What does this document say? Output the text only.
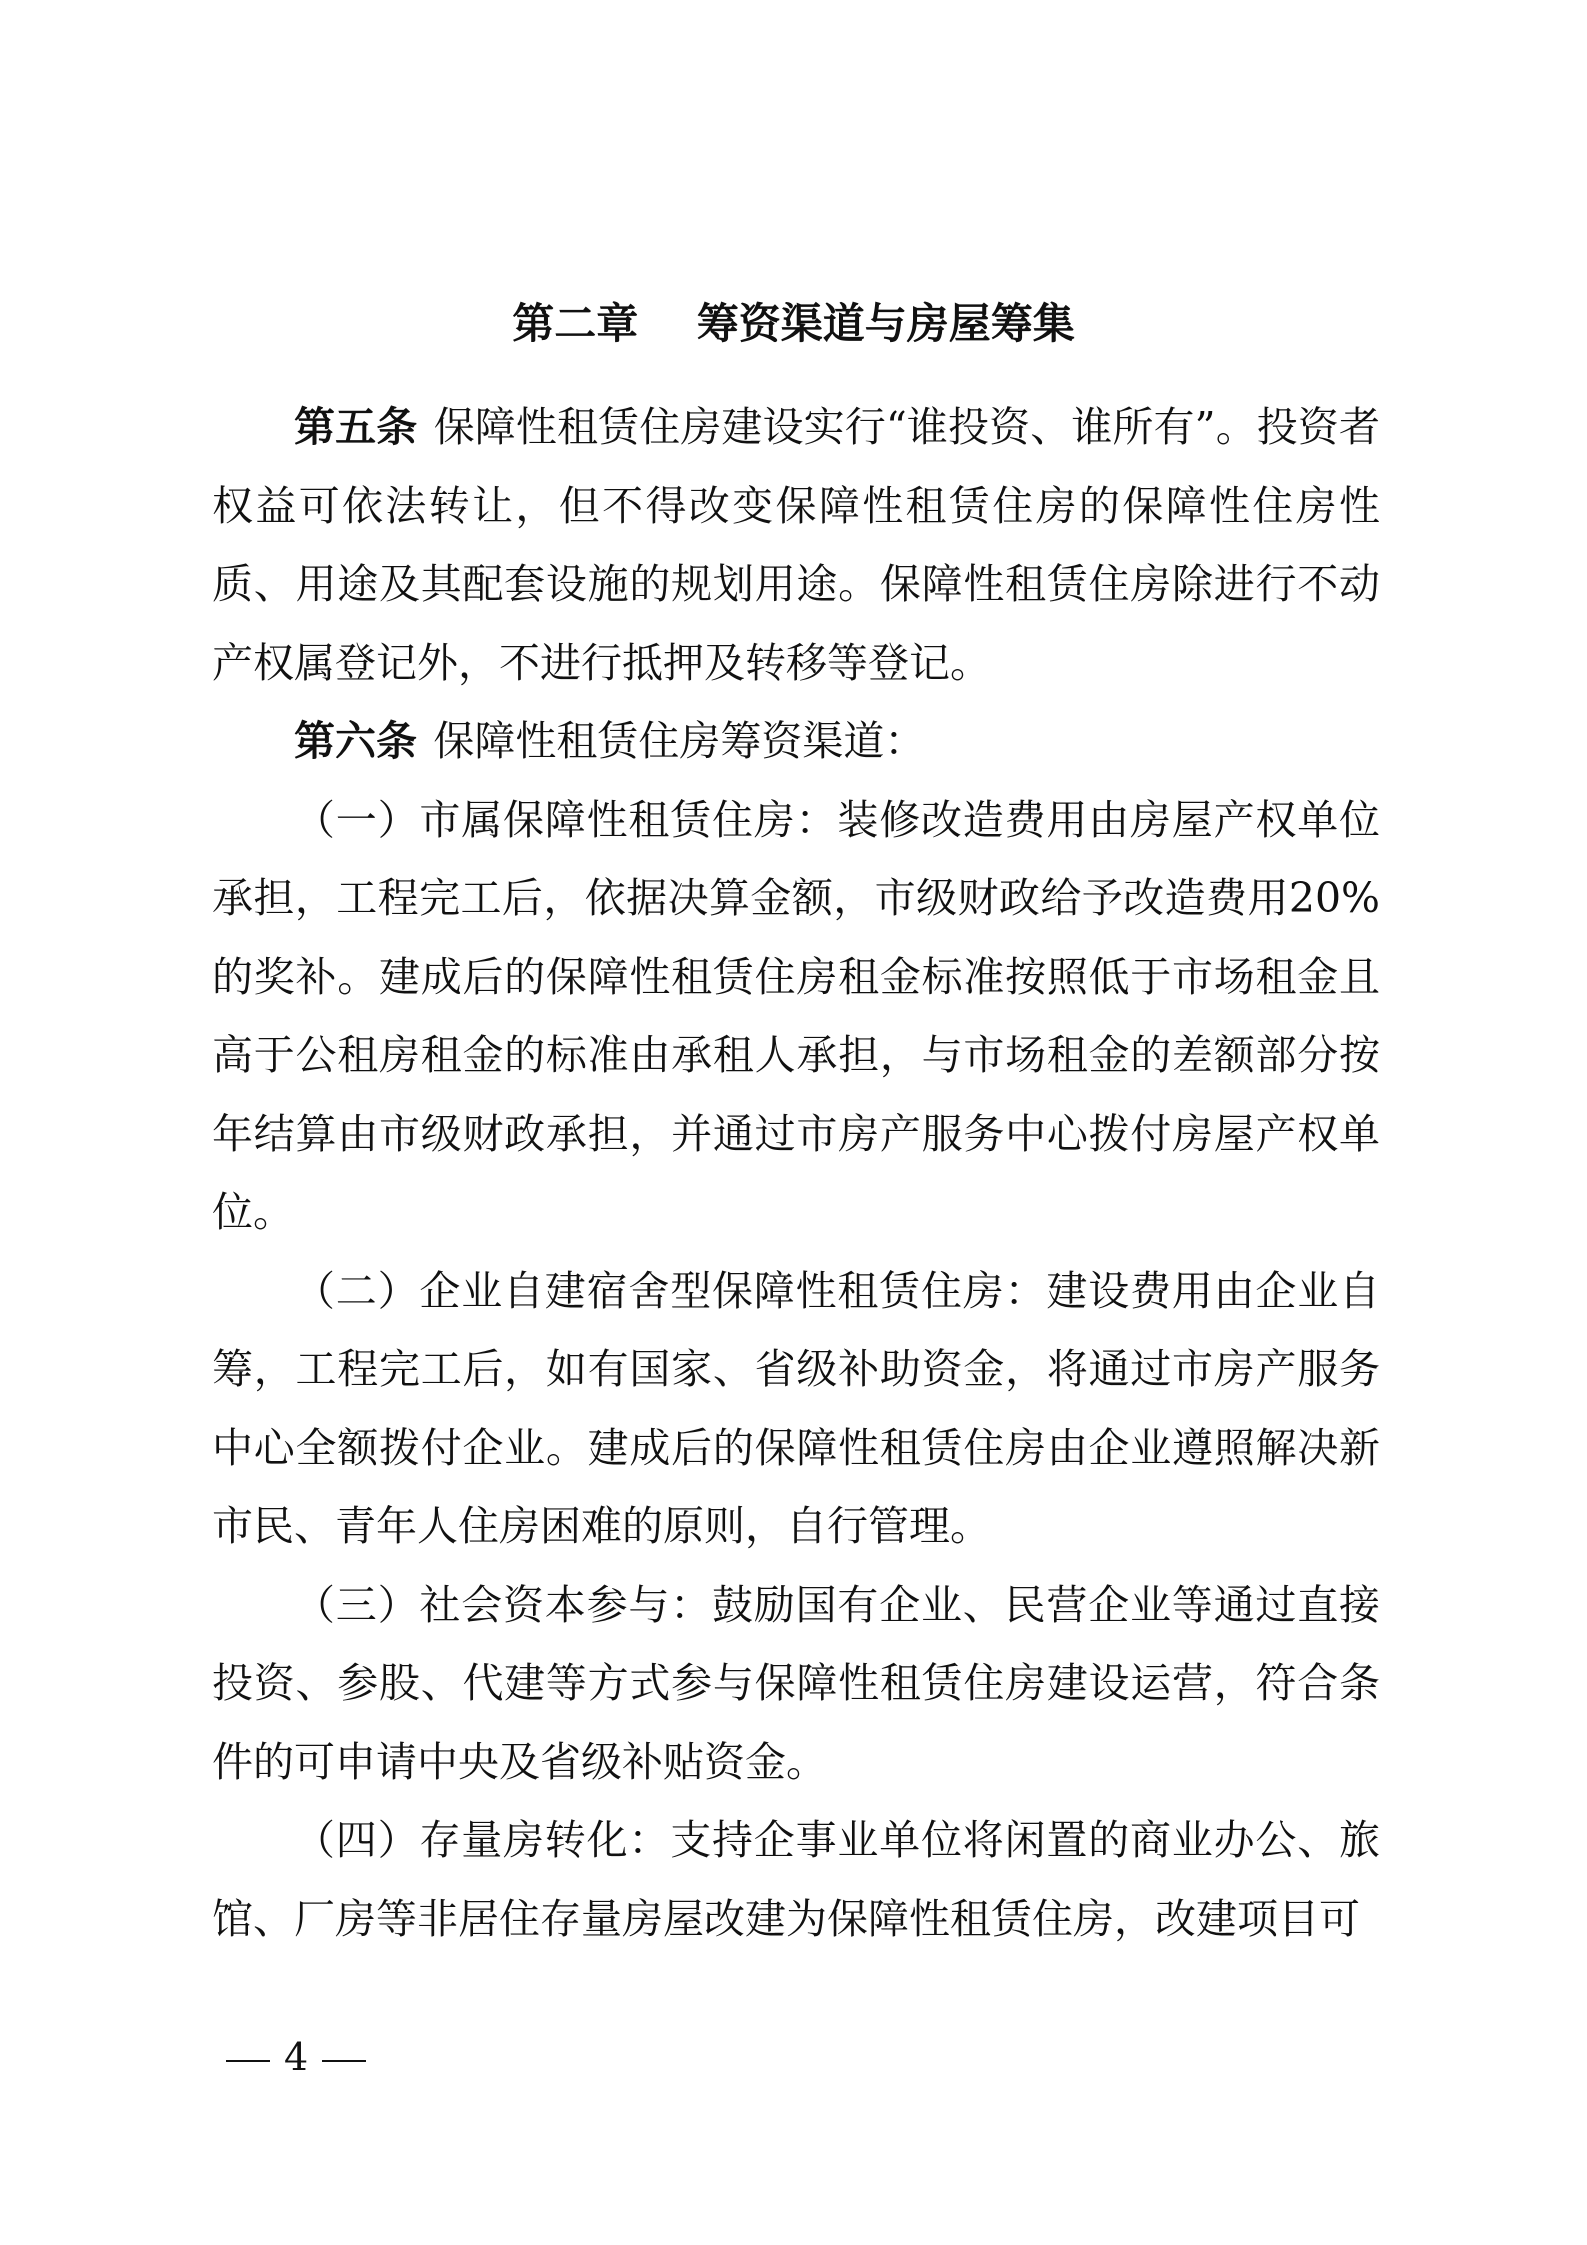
第二章    筹资渠道与房屋筹集

第五条 保障性租赁住房建设实行“谁投资、谁所有”。投资者权益可依法转让，但不得改变保障性租赁住房的保障性住房性质、用途及其配套设施的规划用途。保障性租赁住房除进行不动产权属登记外，不进行抵押及转移等登记。

第六条 保障性租赁住房筹资渠道：

（一）市属保障性租赁住房：装修改造费用由房屋产权单位承担，工程完工后，依据决算金额，市级财政给予改造费用20%的奖补。建成后的保障性租赁住房租金标准按照低于市场租金且高于公租房租金的标准由承租人承担，与市场租金的差额部分按年结算由市级财政承担，并通过市房产服务中心拨付房屋产权单位。

（二）企业自建宿舍型保障性租赁住房：建设费用由企业自筹，工程完工后，如有国家、省级补助资金，将通过市房产服务中心全额拨付企业。建成后的保障性租赁住房由企业遵照解决新市民、青年人住房困难的原则，自行管理。

（三）社会资本参与：鼓励国有企业、民营企业等通过直接投资、参股、代建等方式参与保障性租赁住房建设运营，符合条件的可申请中央及省级补贴资金。

（四）存量房转化：支持企事业单位将闲置的商业办公、旅馆、厂房等非居住存量房屋改建为保障性租赁住房，改建项目可

4
